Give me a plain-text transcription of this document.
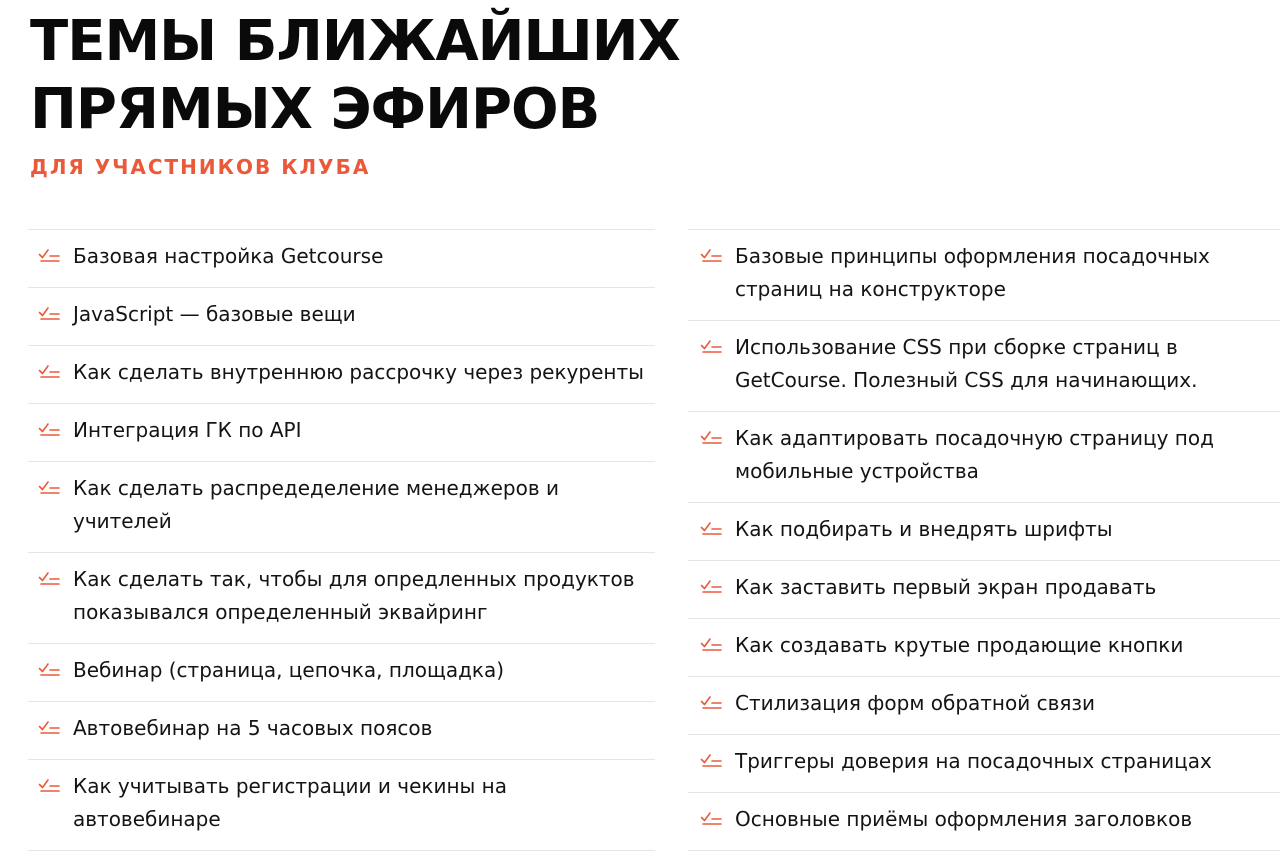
ТЕМЫ БЛИЖАЙШИХ
ПРЯМЫХ ЭФИРОВ
ДЛЯ УЧАСТНИКОВ КЛУБА
Базовая настройка Getcourse
JavaScript — базовые вещи
Как сделать внутреннюю рассрочку через рекуренты
Интеграция ГК по API
Как сделать распредеделение менеджеров и учителей
Как сделать так, чтобы для опредленных продуктов показывался определенный эквайринг
Вебинар (страница, цепочка, площадка)
Автовебинар на 5 часовых поясов
Как учитывать регистрации и чекины на автовебинаре
Базовые принципы оформления посадочных страниц на конструкторе
Использование CSS при сборке страниц в GetCourse. Полезный CSS для начинающих.
Как адаптировать посадочную страницу под мобильные устройства
Как подбирать и внедрять шрифты
Как заставить первый экран продавать
Как создавать крутые продающие кнопки
Стилизация форм обратной связи
Триггеры доверия на посадочных страницах
Основные приёмы оформления заголовков
